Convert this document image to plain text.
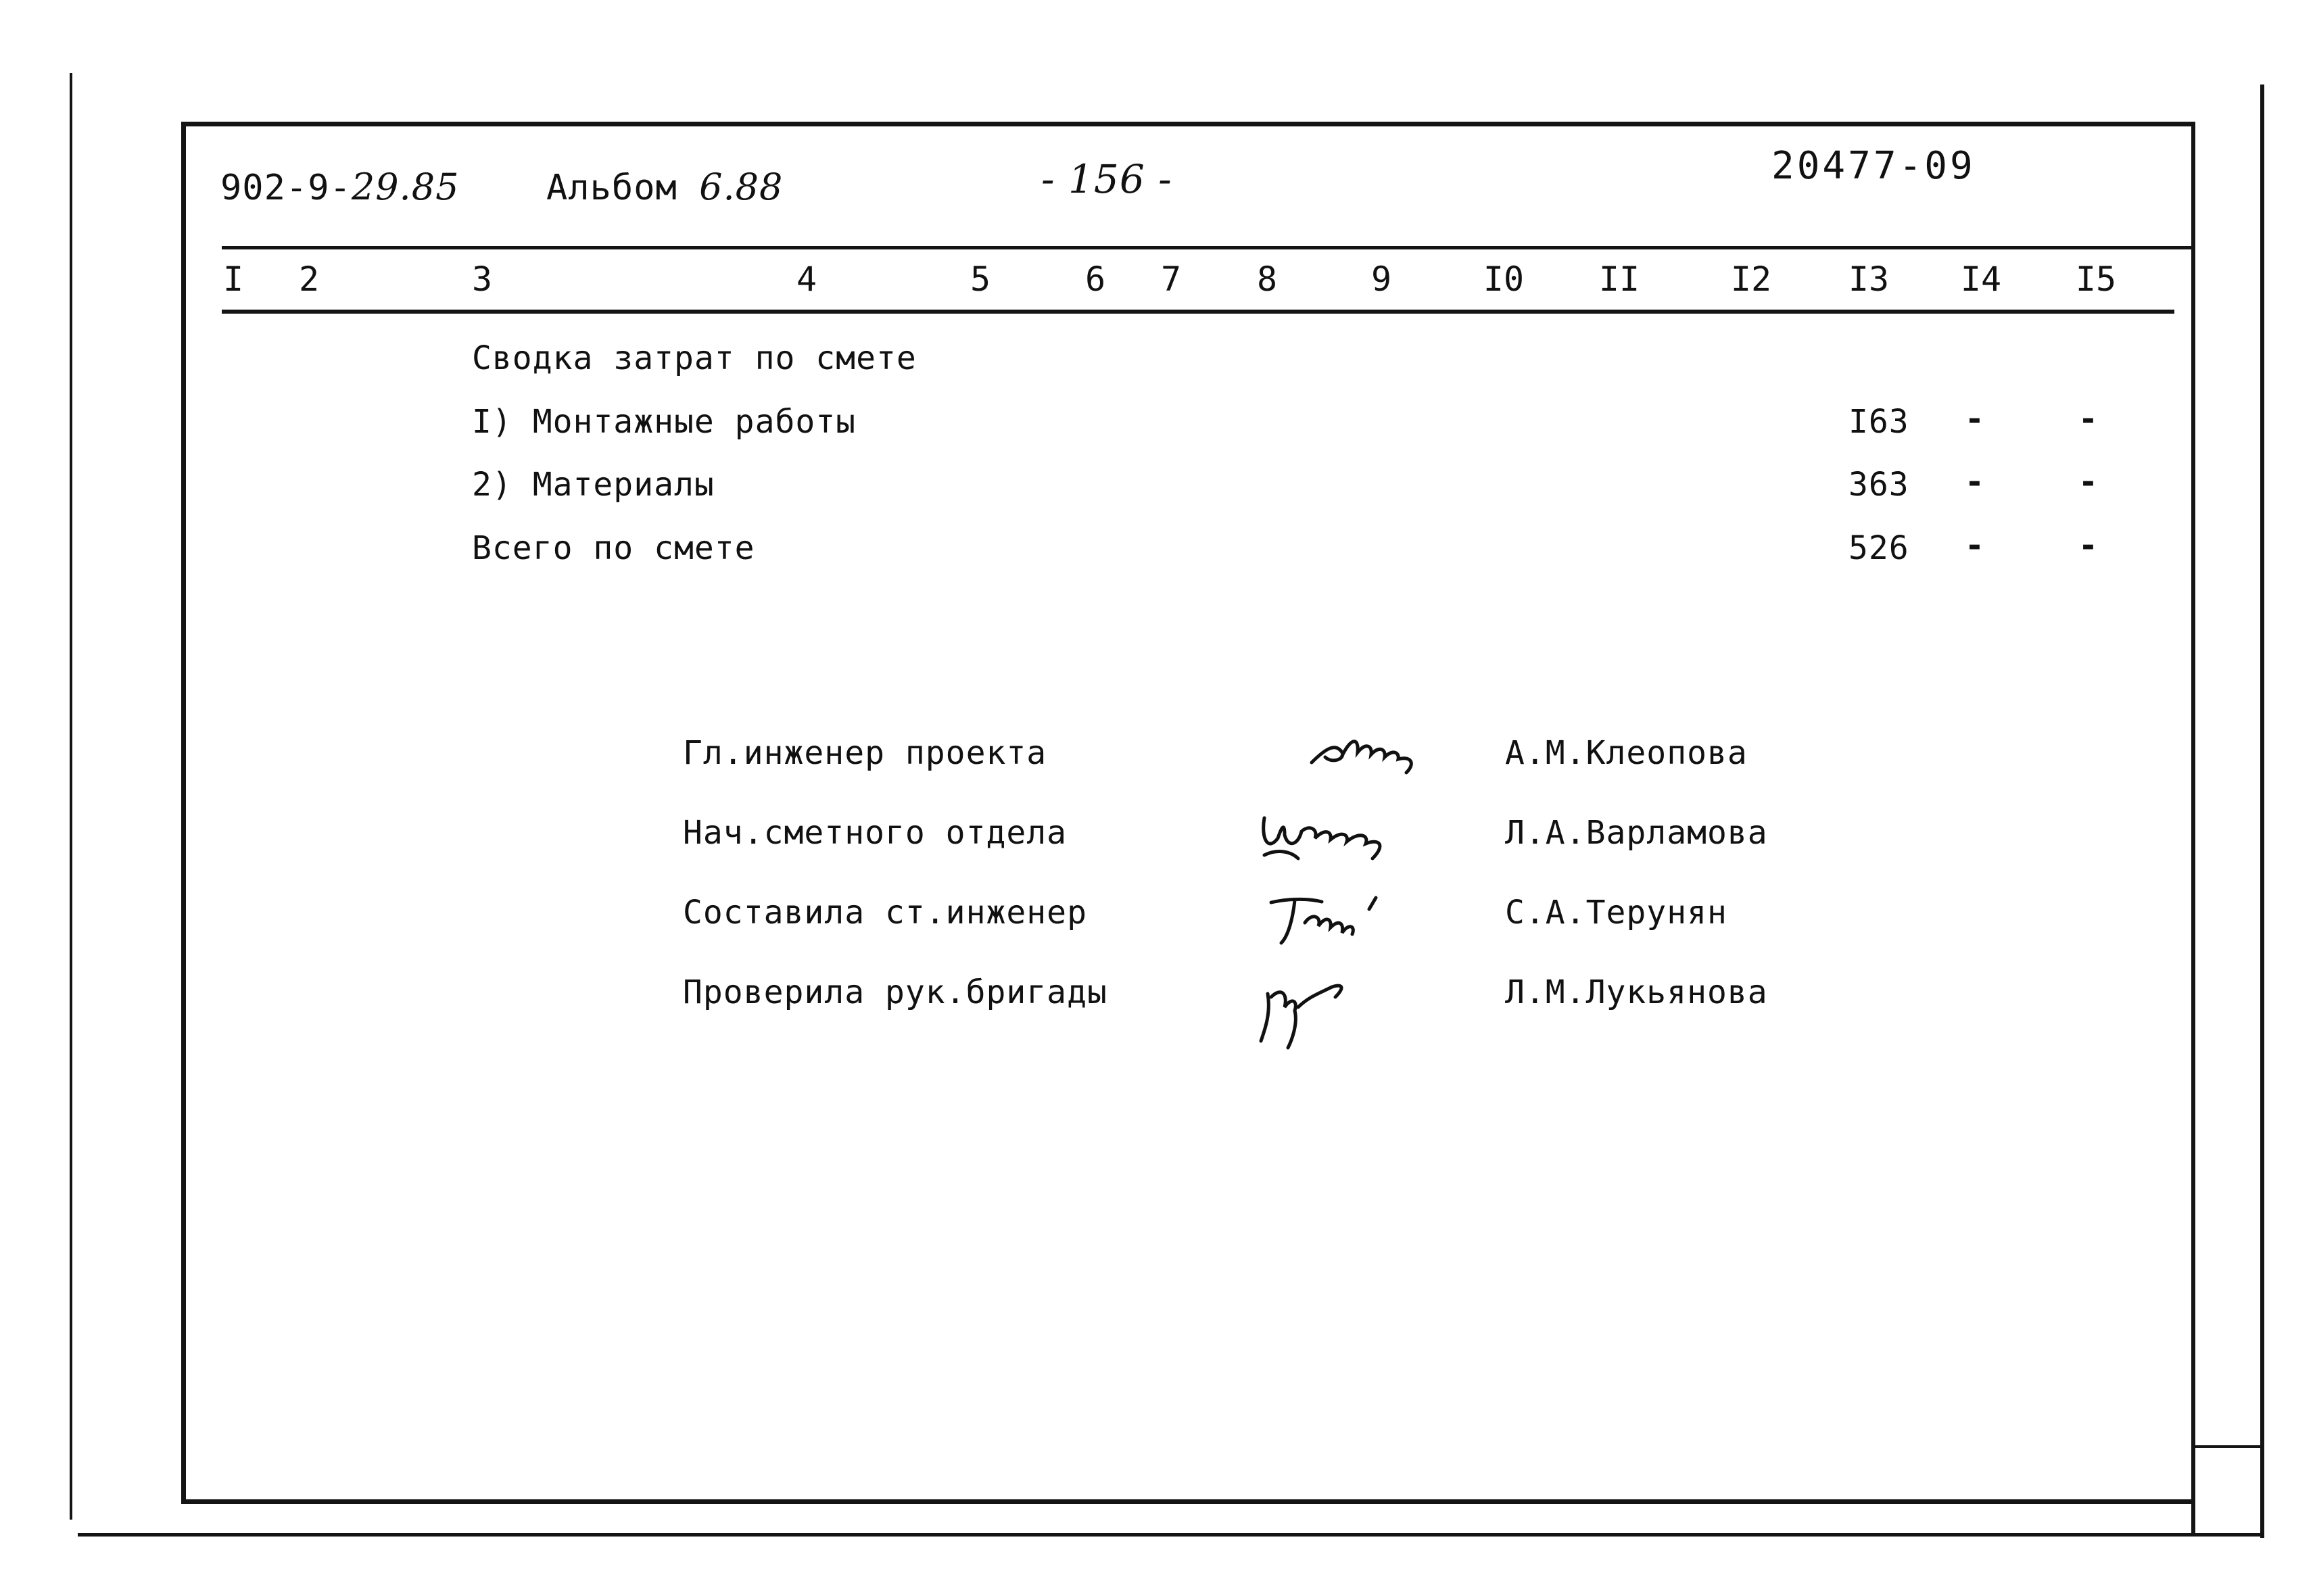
902-9-29.85 Альбом 6.88	- 156 -	20477-09
I	2	3	4	5	6	7	8	9	I0 II	I2 I3 I4 I5
Сводка затрат по смете
I) Монтажные работы	I63 -	-
2) Материалы	363 -	-
Всего по смете	526 -	-
Гл.инженер проекта	А.М.Клеопова
Нач.сметного отдела	Л.А.Варламова
Составила ст.инженер	С.А.Терунян
Проверила рук.бригады	Л.М.Лукьянова
